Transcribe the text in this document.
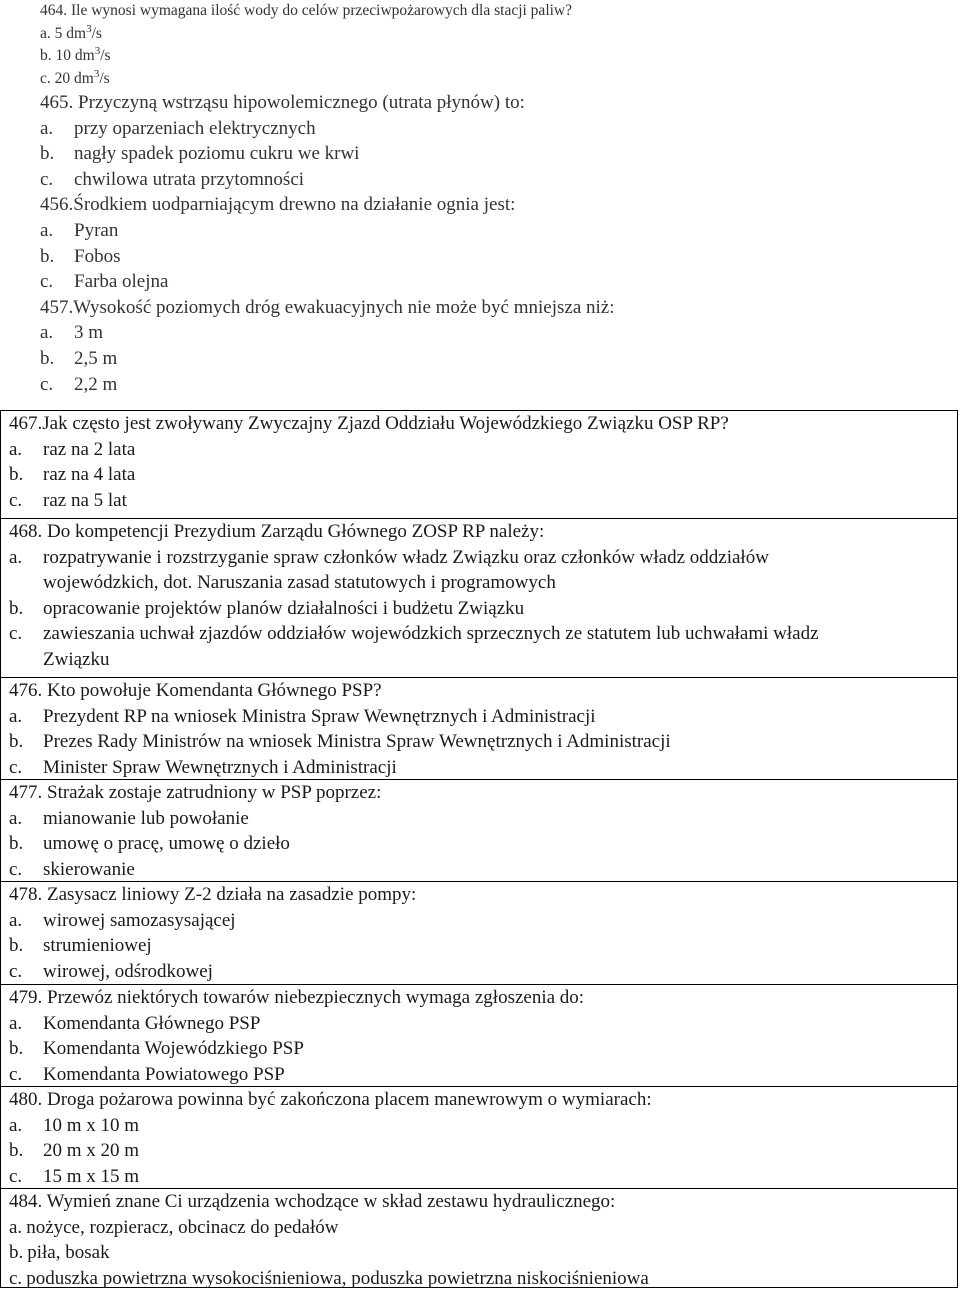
464. Ile wynosi wymagana ilość wody do celów przeciwpożarowych dla stacji paliw?
a. 5 $dm^3/s$
b. 10 $dm^3/s$
c. 20 $dm^3/s$
465. Przyczyną wstrząsu hipowolemicznego (utrata płynów) to:
a. przy oparzeniach elektrycznych
b. nagły spadek poziomu cukru we krwi
c. chwilowa utrata przytomności
456.Środkiem uodparniającym drewno na działanie ognia jest:
a. Pyran
b. Fobos
c. Farba olejna
457.Wysokość poziomych dróg ewakuacyjnych nie może być mniejsza niż:
a. 3 m
b. 2,5 m
c. 2,2 m
467.Jak często jest zwoływany Zwyczajny Zjazd Oddziału Wojewódzkiego Związku OSP RP?
a. raz na 2 lata
b. raz na 4 lata
c. raz na 5 lat
468. Do kompetencji Prezydium Zarządu Głównego ZOSP RP należy:
a. rozpatrywanie i rozstrzyganie spraw członków władz Związku oraz członków władz oddziałów
wojewódzkich, dot. Naruszania zasad statutowych i programowych
b. opracowanie projektów planów działalności i budżetu Związku
c. zawieszania uchwał zjazdów oddziałów wojewódzkich sprzecznych ze statutem lub uchwałami władz
Związku
476. Kto powołuje Komendanta Głównego PSP?
a. Prezydent RP na wniosek Ministra Spraw Wewnętrznych i Administracji
b. Prezes Rady Ministrów na wniosek Ministra Spraw Wewnętrznych i Administracji
c. Minister Spraw Wewnętrznych i Administracji
477. Strażak zostaje zatrudniony w PSP poprzez:
a. mianowanie lub powołanie
b. umowę o pracę, umowę o dzieło
c. skierowanie
478. Zasysacz liniowy Z-2 działa na zasadzie pompy:
a. wirowej samozasysającej
b. strumieniowej
c. wirowej, odśrodkowej
479. Przewóz niektórych towarów niebezpiecznych wymaga zgłoszenia do:
a. Komendanta Głównego PSP
b. Komendanta Wojewódzkiego PSP
c. Komendanta Powiatowego PSP
480. Droga pożarowa powinna być zakończona placem manewrowym o wymiarach:
a. 10 m x 10 m
b. 20 m x 20 m
c. 15 m x 15 m
484. Wymień znane Ci urządzenia wchodzące w skład zestawu hydraulicznego:
a. nożyce, rozpieracz, obcinacz do pedałów
b. piła, bosak
c. poduszka powietrzna wysokociśnieniowa, poduszka powietrzna niskociśnieniowa
